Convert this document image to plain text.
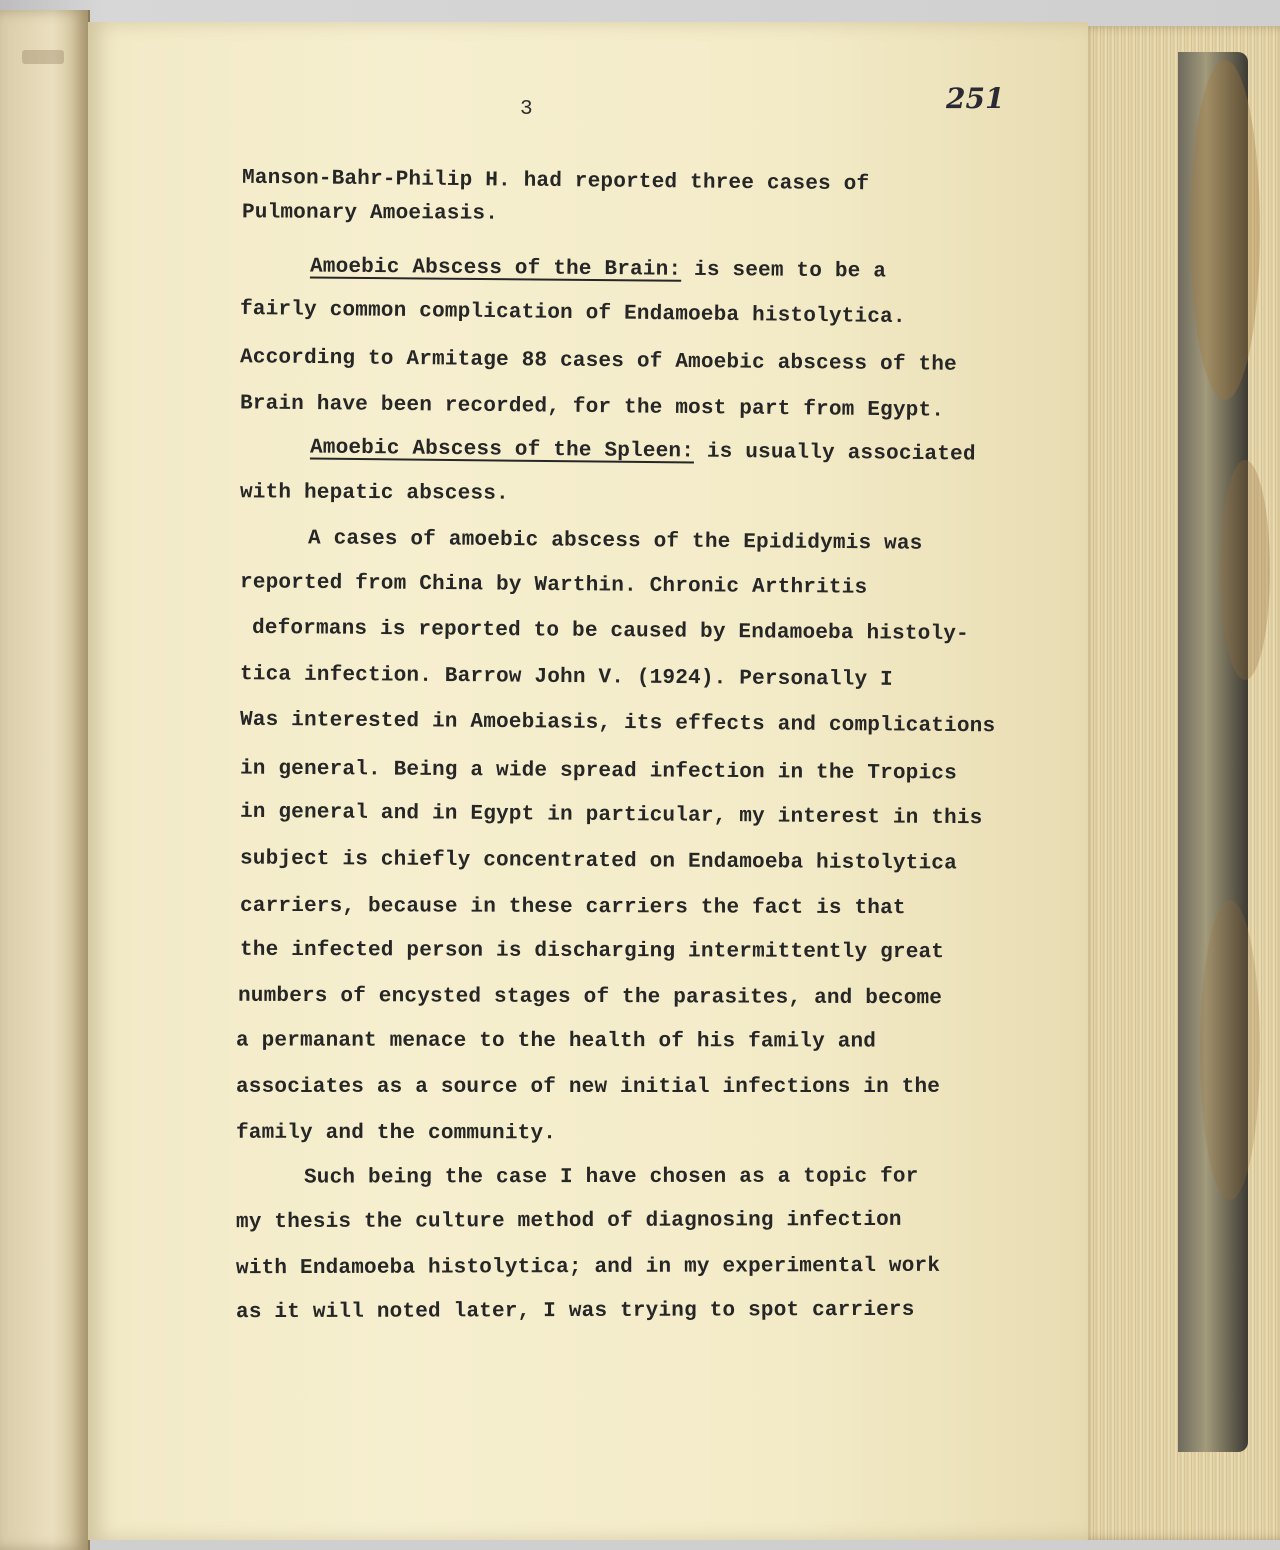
3	251
Manson-Bahr-Philip H. had reported three cases of
Pulmonary Amoeiasis.
Amoebic Abscess of the Brain: is seem to be a
fairly common complication of Endamoeba histolytica.
According to Armitage 88 cases of Amoebic abscess of the
Brain have been recorded, for the most part from Egypt.
Amoebic Abscess of the Spleen: is usually associated
with hepatic abscess.
A cases of amoebic abscess of the Epididymis was
reported from China by Warthin. Chronic Arthritis
deformans is reported to be caused by Endamoeba histoly-
tica infection. Barrow John V. (1924). Personally I
Was interested in Amoebiasis, its effects and complications
in general. Being a wide spread infection in the Tropics
in general and in Egypt in particular, my interest in this
subject is chiefly concentrated on Endamoeba histolytica
carriers, because in these carriers the fact is that
the infected person is discharging intermittently great
numbers of encysted stages of the parasites, and become
a permanant menace to the health of his family and
associates as a source of new initial infections in the
family and the community.
Such being the case I have chosen as a topic for
my thesis the culture method of diagnosing infection
with Endamoeba histolytica; and in my experimental work
as it will noted later, I was trying to spot carriers
